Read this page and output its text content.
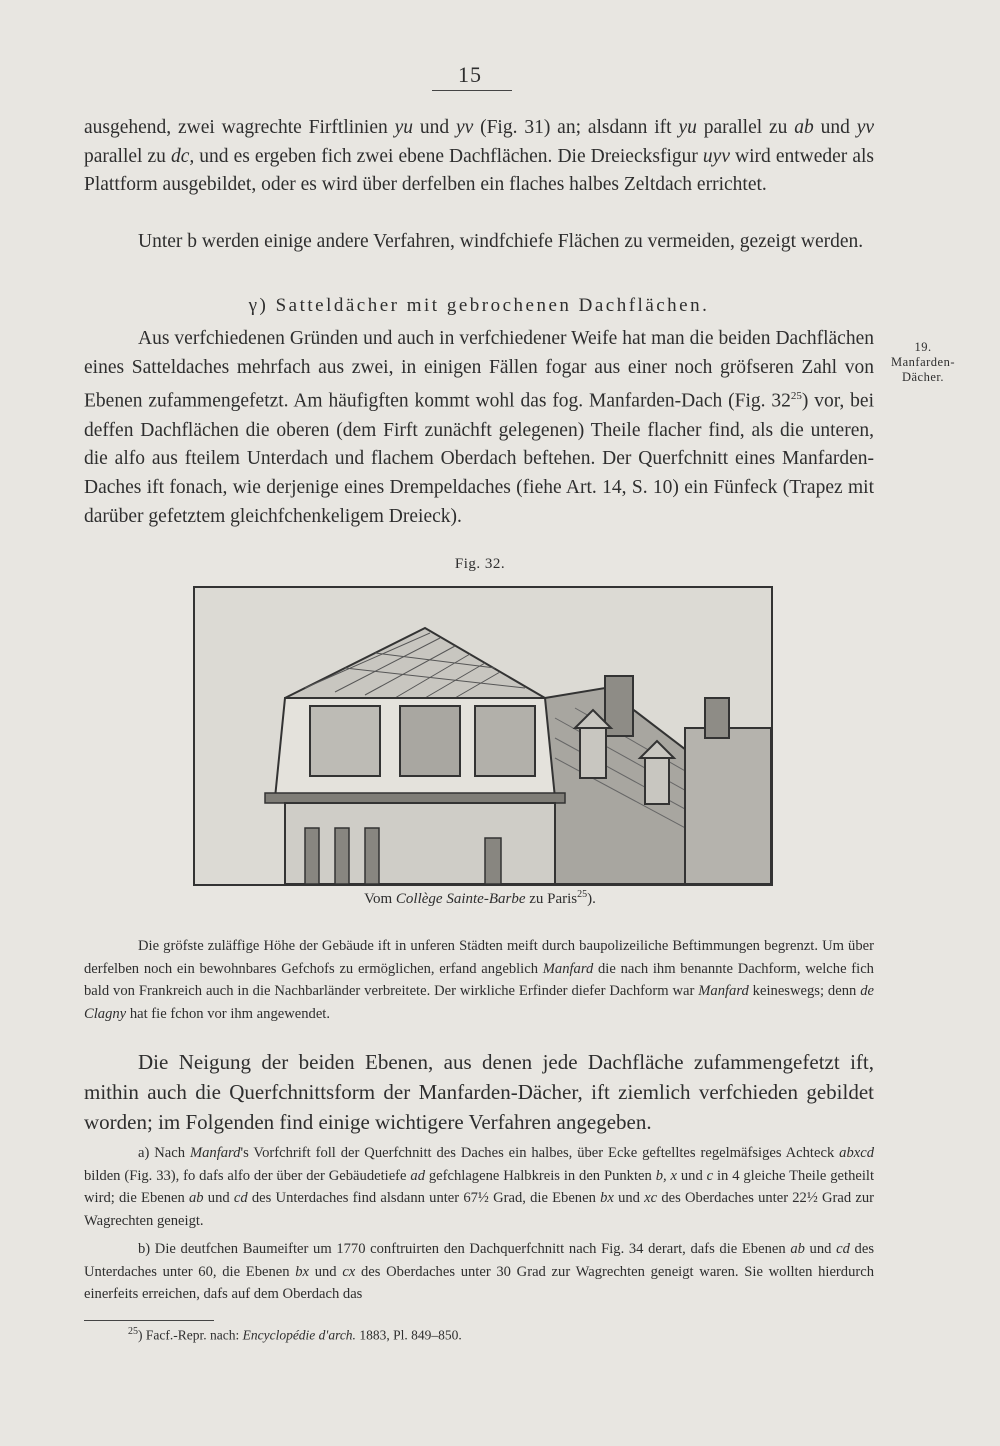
15

ausgehend, zwei wagrechte Firftlinien yu und yv (Fig. 31) an; alsdann ift yu parallel zu ab und yv parallel zu dc, und es ergeben fich zwei ebene Dachflächen. Die Dreiecksfigur uyv wird entweder als Plattform ausgebildet, oder es wird über derfelben ein flaches halbes Zeltdach errichtet.

Unter b werden einige andere Verfahren, windfchiefe Flächen zu vermeiden, gezeigt werden.

γ) Satteldächer mit gebrochenen Dachflächen.
19.
Manfarden-
Dächer.

Aus verfchiedenen Gründen und auch in verfchiedener Weife hat man die beiden Dachflächen eines Satteldaches mehrfach aus zwei, in einigen Fällen fogar aus einer noch gröfseren Zahl von Ebenen zufammengefetzt. Am häufigften kommt wohl das fog. Manfarden-Dach (Fig. $32^{25}$) vor, bei deffen Dachflächen die oberen (dem Firft zunächft gelegenen) Theile flacher find, als die unteren, die alfo aus fteilem Unterdach und flachem Oberdach beftehen. Der Querfchnitt eines Manfarden-Daches ift fonach, wie derjenige eines Drempeldaches (fiehe Art. 14, S. 10) ein Fünfeck (Trapez mit darüber gefetztem gleichfchenkeligem Dreieck).

Fig. 32.
Vom Collège Sainte-Barbe zu Paris$^{25}$).

Die gröfste zuläffige Höhe der Gebäude ift in unferen Städten meift durch baupolizeiliche Beftimmungen begrenzt. Um über derfelben noch ein bewohnbares Gefchofs zu ermöglichen, erfand angeblich Manfard die nach ihm benannte Dachform, welche fich bald von Frankreich auch in die Nachbarländer verbreitete. Der wirkliche Erfinder diefer Dachform war Manfard keineswegs; denn de Clagny hat fie fchon vor ihm angewendet.

Die Neigung der beiden Ebenen, aus denen jede Dachfläche zufammengefetzt ift, mithin auch die Querfchnittsform der Manfarden-Dächer, ift ziemlich verfchieden gebildet worden; im Folgenden find einige wichtigere Verfahren angegeben.

a) Nach Manfard's Vorfchrift foll der Querfchnitt des Daches ein halbes, über Ecke geftelltes regelmäfsiges Achteck abxcd bilden (Fig. 33), fo dafs alfo der über der Gebäudetiefe ad gefchlagene Halbkreis in den Punkten b, x und c in 4 gleiche Theile getheilt wird; die Ebenen ab und cd des Unterdaches find alsdann unter 67½ Grad, die Ebenen bx und xc des Oberdaches unter 22½ Grad zur Wagrechten geneigt.

b) Die deutfchen Baumeifter um 1770 conftruirten den Dachquerfchnitt nach Fig. 34 derart, dafs die Ebenen ab und cd des Unterdaches unter 60, die Ebenen bx und cx des Oberdaches unter 30 Grad zur Wagrechten geneigt waren. Sie wollten hierdurch einerfeits erreichen, dafs auf dem Oberdach das

$^{25}$) Facf.-Repr. nach: Encyclopédie d'arch. 1883, Pl. 849–850.
